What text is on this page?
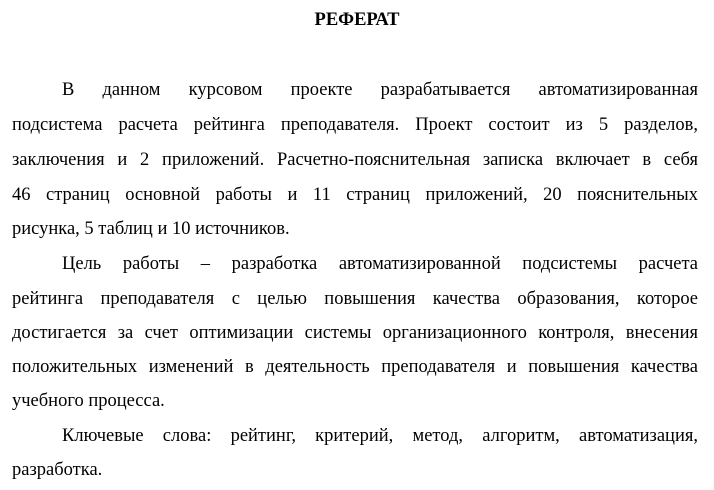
РЕФЕРАТ
В данном курсовом проекте разрабатывается автоматизированная
подсистема расчета рейтинга преподавателя. Проект состоит из 5 разделов,
заключения и 2 приложений. Расчетно-пояснительная записка включает в себя
46 страниц основной работы и 11 страниц приложений, 20 пояснительных
рисунка, 5 таблиц и 10 источников.
Цель работы – разработка автоматизированной подсистемы расчета
рейтинга преподавателя с целью повышения качества образования, которое
достигается за счет оптимизации системы организационного контроля, внесения
положительных изменений в деятельность преподавателя и повышения качества
учебного процесса.
Ключевые слова: рейтинг, критерий, метод, алгоритм, автоматизация,
разработка.
